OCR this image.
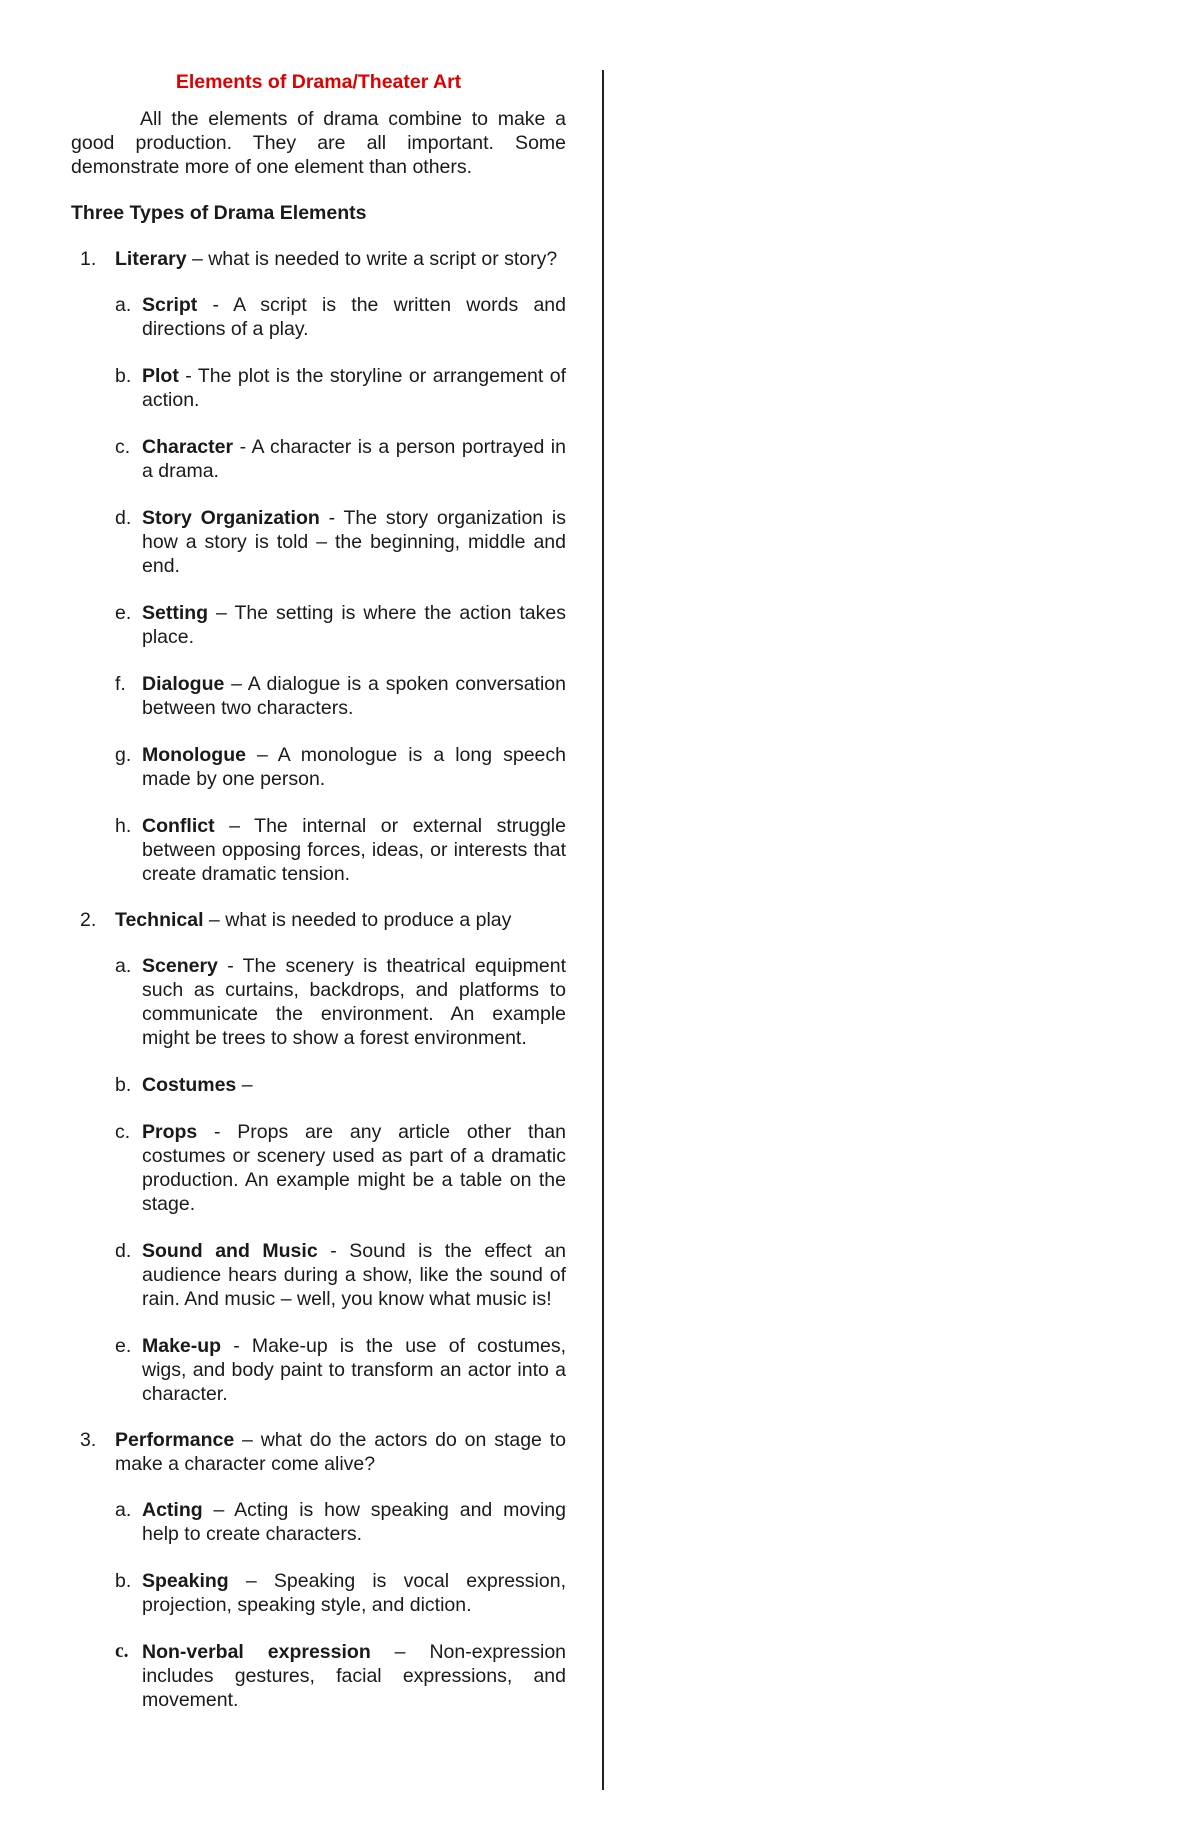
Elements of Drama/Theater Art

All the elements of drama combine to make a good production. They are all important. Some demonstrate more of one element than others.

Three Types of Drama Elements
1. Literary – what is needed to write a script or story?
a. Script - A script is the written words and directions of a play.
b. Plot - The plot is the storyline or arrangement of action.
c. Character - A character is a person portrayed in a drama.
d. Story Organization - The story organization is how a story is told – the beginning, middle and end.
e. Setting – The setting is where the action takes place.
f. Dialogue – A dialogue is a spoken conversation between two characters.
g. Monologue – A monologue is a long speech made by one person.
h. Conflict – The internal or external struggle between opposing forces, ideas, or interests that create dramatic tension.
2. Technical – what is needed to produce a play
a. Scenery - The scenery is theatrical equipment such as curtains, backdrops, and platforms to communicate the environment. An example might be trees to show a forest environment.
b. Costumes –
c. Props - Props are any article other than costumes or scenery used as part of a dramatic production. An example might be a table on the stage.
d. Sound and Music - Sound is the effect an audience hears during a show, like the sound of rain. And music – well, you know what music is!
e. Make-up - Make-up is the use of costumes, wigs, and body paint to transform an actor into a character.
3. Performance – what do the actors do on stage to make a character come alive?
a. Acting – Acting is how speaking and moving help to create characters.
b. Speaking – Speaking is vocal expression, projection, speaking style, and diction.
c. Non-verbal expression – Non-expression includes gestures, facial expressions, and movement.
